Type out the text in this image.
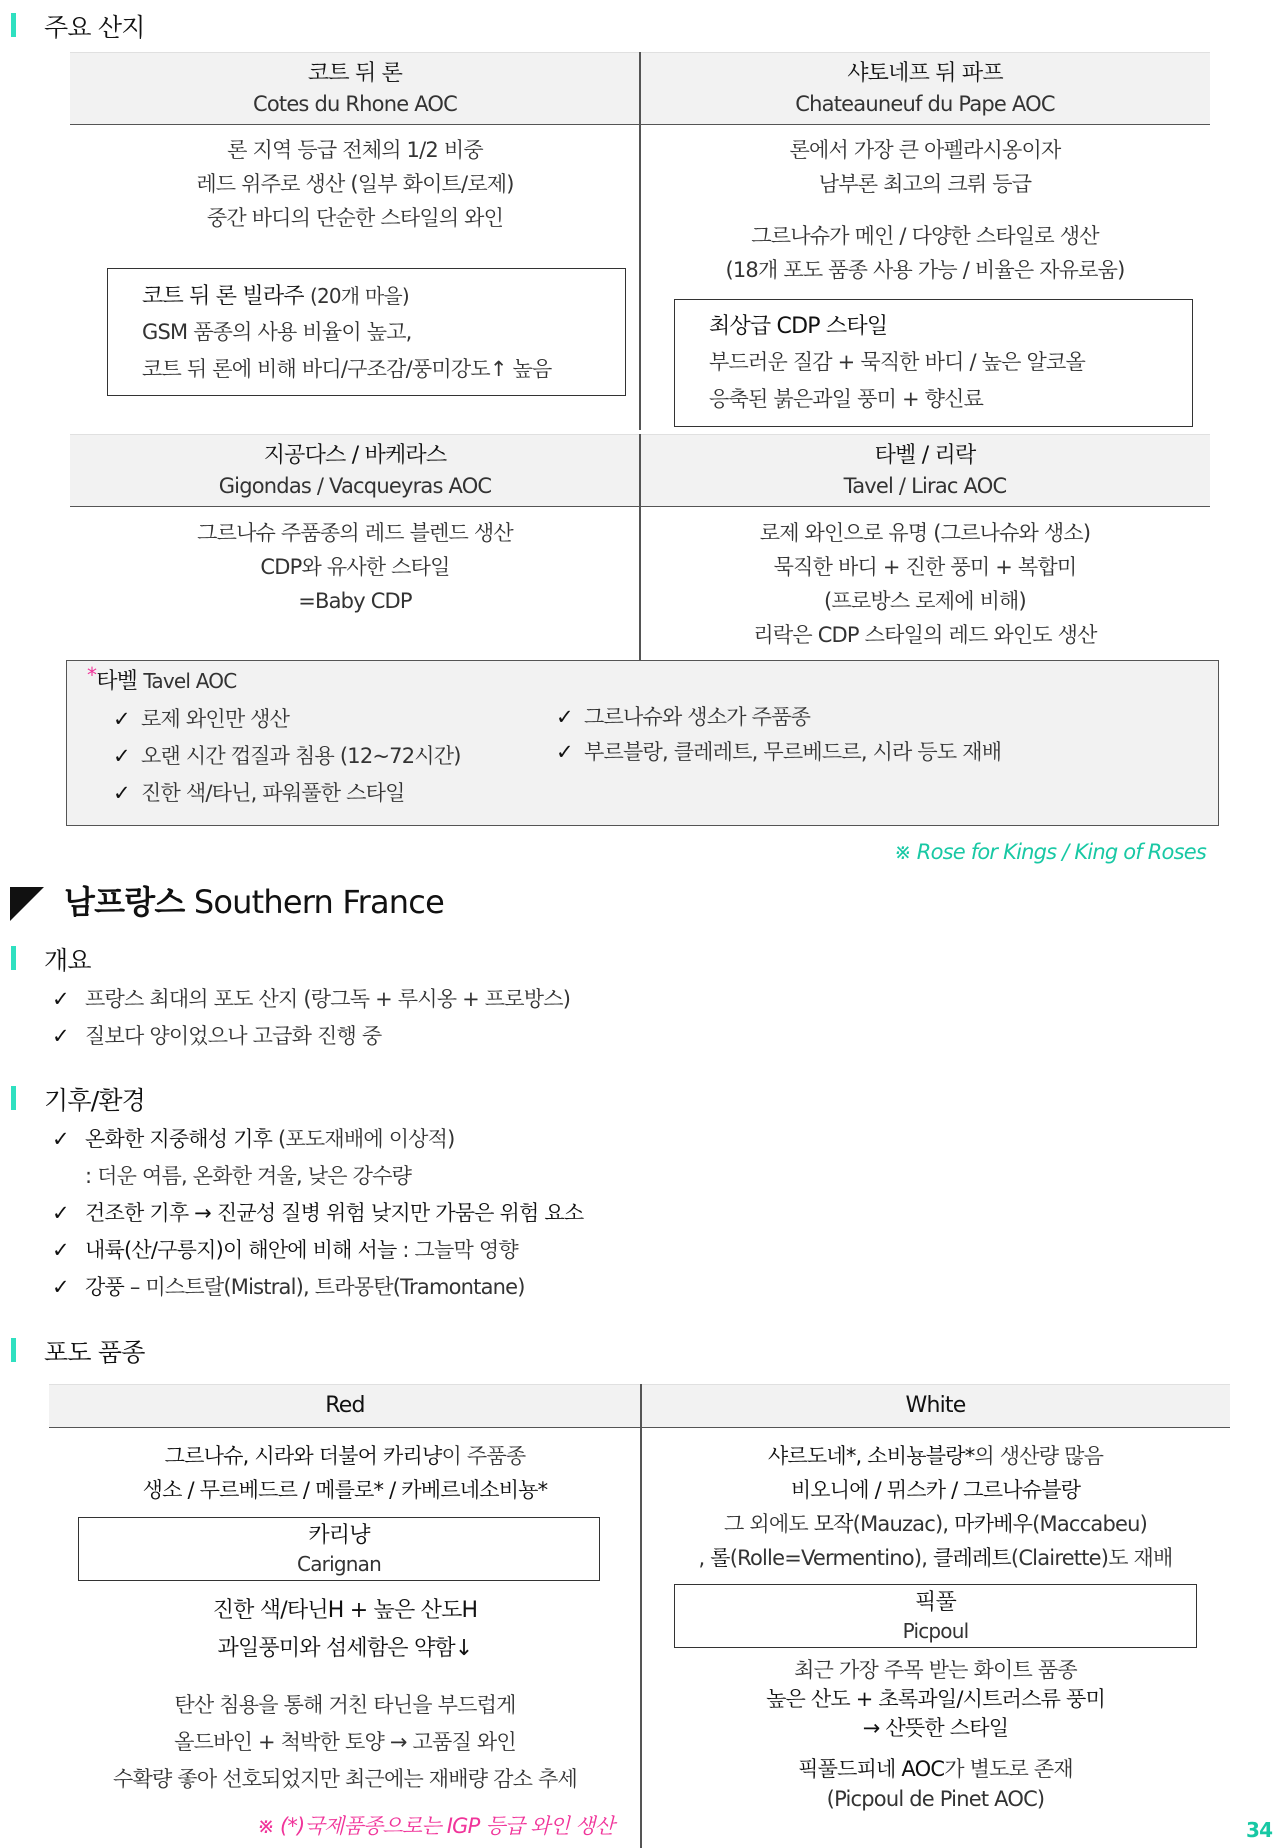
주요 산지
코트 뒤 론
Cotes du Rhone AOC
샤토네프 뒤 파프
Chateauneuf du Pape AOC
론 지역 등급 전체의 1/2 비중
레드 위주로 생산 (일부 화이트/로제)
중간 바디의 단순한 스타일의 와인
코트 뒤 론 빌라주 (20개 마을)
GSM 품종의 사용 비율이 높고,
코트 뒤 론에 비해 바디/구조감/풍미강도↑ 높음
론에서 가장 큰 아펠라시옹이자
남부론 최고의 크뤼 등급
그르나슈가 메인 / 다양한 스타일로 생산
(18개 포도 품종 사용 가능 / 비율은 자유로움)
최상급 CDP 스타일
부드러운 질감 + 묵직한 바디 / 높은 알코올
응축된 붉은과일 풍미 + 향신료
지공다스 / 바케라스
Gigondas / Vacqueyras AOC
타벨 / 리락
Tavel / Lirac AOC
그르나슈 주품종의 레드 블렌드 생산
CDP와 유사한 스타일
=Baby CDP
로제 와인으로 유명 (그르나슈와 생소)
묵직한 바디 + 진한 풍미 + 복합미
(프로방스 로제에 비해)
리락은 CDP 스타일의 레드 와인도 생산
*타벨 Tavel AOC
✓ 로제 와인만 생산
✓ 오랜 시간 껍질과 침용 (12~72시간)
✓ 진한 색/타닌, 파워풀한 스타일
✓ 그르나슈와 생소가 주품종
✓ 부르블랑, 클레레트, 무르베드르, 시라 등도 재배
※ Rose for Kings / King of Roses
남프랑스 Southern France
개요
✓ 프랑스 최대의 포도 산지 (랑그독 + 루시옹 + 프로방스)
✓ 질보다 양이었으나 고급화 진행 중
기후/환경
✓ 온화한 지중해성 기후 (포도재배에 이상적)
: 더운 여름, 온화한 겨울, 낮은 강수량
✓ 건조한 기후 → 진균성 질병 위험 낮지만 가뭄은 위험 요소
✓ 내륙(산/구릉지)이 해안에 비해 서늘 : 그늘막 영향
✓ 강풍 – 미스트랄(Mistral), 트라몽탄(Tramontane)
포도 품종
Red	White
그르나슈, 시라와 더불어 카리냥이 주품종
생소 / 무르베드르 / 메를로* / 카베르네소비뇽*
카리냥
Carignan
진한 색/타닌H + 높은 산도H
과일풍미와 섬세함은 약함↓
탄산 침용을 통해 거친 타닌을 부드럽게
올드바인 + 척박한 토양 → 고품질 와인
수확량 좋아 선호되었지만 최근에는 재배량 감소 추세
※ (*)국제품종으로는 IGP 등급 와인 생산
샤르도네*, 소비뇽블랑*의 생산량 많음
비오니에 / 뮈스카 / 그르나슈블랑
그 외에도 모작(Mauzac), 마카베우(Maccabeu)
, 롤(Rolle=Vermentino), 클레레트(Clairette)도 재배
픽풀
Picpoul
최근 가장 주목 받는 화이트 품종
높은 산도 + 초록과일/시트러스류 풍미
→ 산뜻한 스타일
픽풀드피네 AOC가 별도로 존재
(Picpoul de Pinet AOC)
34
